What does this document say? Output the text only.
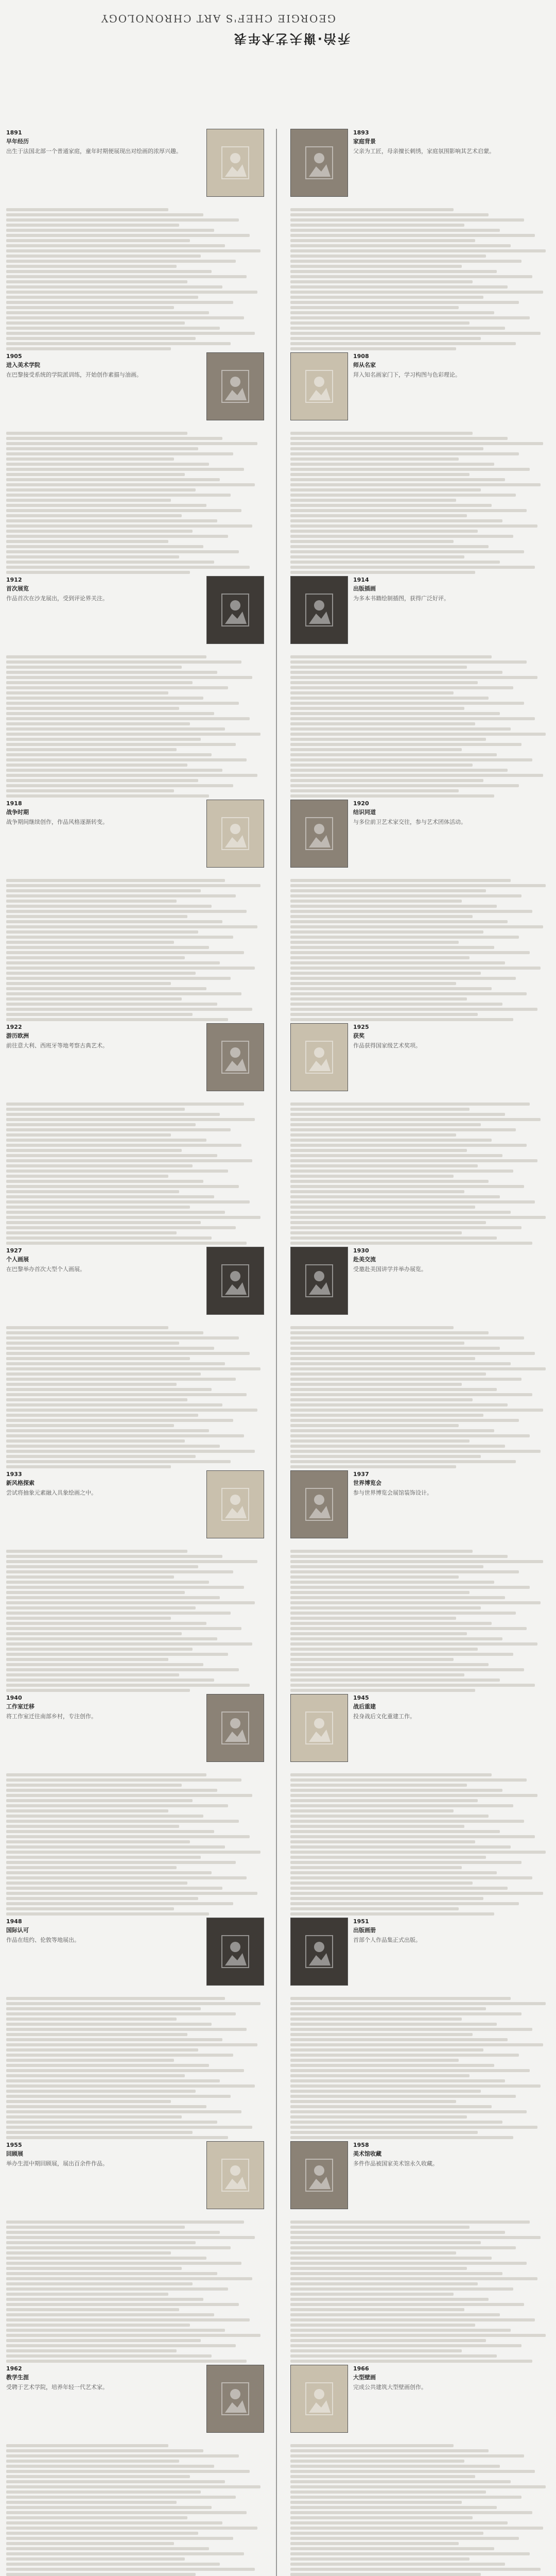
GEORGIE CHEF'S ART CHRONOLOGY
乔治·谢夫艺术年表
1891
早年经历
出生于法国北部一个普通家庭，童年时期便展现出对绘画的浓厚兴趣。
1905
进入美术学院
在巴黎接受系统的学院派训练，开始创作素描与油画。
1912
首次展览
作品首次在沙龙展出，受到评论界关注。
1918
战争时期
战争期间继续创作，作品风格逐渐转变。
1922
游历欧洲
前往意大利、西班牙等地考察古典艺术。
1927
个人画展
在巴黎举办首次大型个人画展。
1933
新风格探索
尝试将抽象元素融入具象绘画之中。
1940
工作室迁移
将工作室迁往南部乡村，专注创作。
1948
国际认可
作品在纽约、伦敦等地展出。
1955
回顾展
举办生涯中期回顾展，展出百余件作品。
1962
教学生涯
受聘于艺术学院，培养年轻一代艺术家。
1893
家庭背景
父亲为工匠，母亲擅长刺绣，家庭氛围影响其艺术启蒙。
1908
师从名家
拜入知名画家门下，学习构图与色彩理论。
1914
出版插画
为多本书籍绘制插图，获得广泛好评。
1920
结识同道
与多位前卫艺术家交往，参与艺术团体活动。
1925
获奖
作品获得国家级艺术奖项。
1930
赴美交流
受邀赴美国讲学并举办展览。
1937
世界博览会
参与世界博览会展馆装饰设计。
1945
战后重建
投身战后文化重建工作。
1951
出版画册
首部个人作品集正式出版。
1958
美术馆收藏
多件作品被国家美术馆永久收藏。
1966
大型壁画
完成公共建筑大型壁画创作。
